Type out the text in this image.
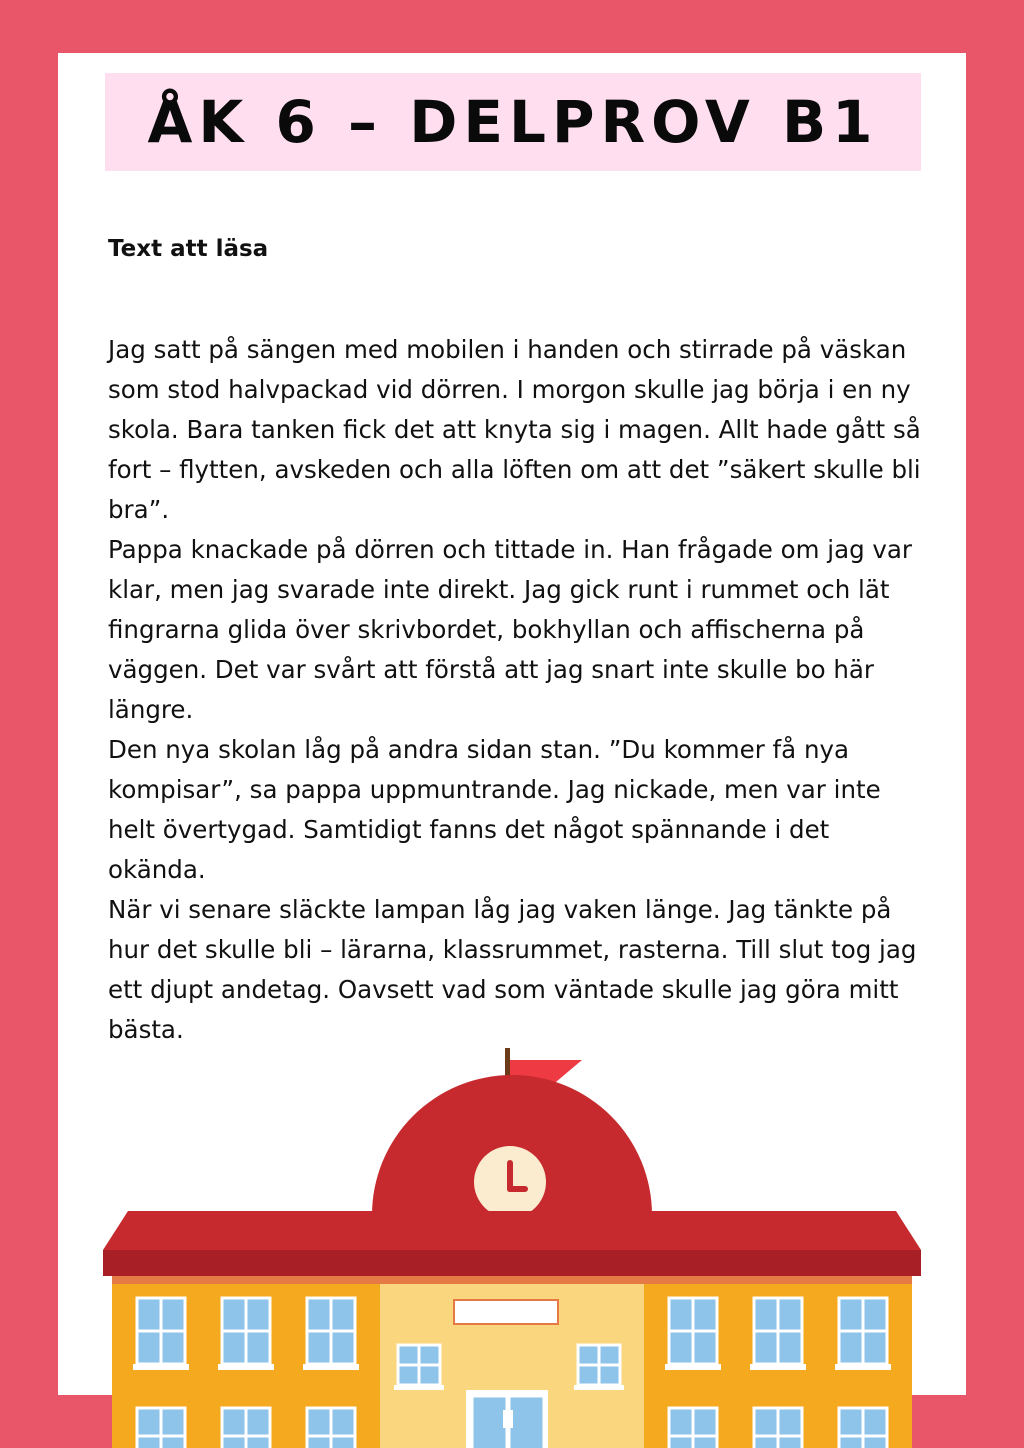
ÅK 6 – DELPROV B1
Text att läsa

Jag satt på sängen med mobilen i handen och stirrade på väskan som stod halvpackad vid dörren. I morgon skulle jag börja i en ny skola. Bara tanken fick det att knyta sig i magen. Allt hade gått så fort – flytten, avskeden och alla löften om att det ”säkert skulle bli bra”.

Pappa knackade på dörren och tittade in. Han frågade om jag var klar, men jag svarade inte direkt. Jag gick runt i rummet och lät fingrarna glida över skrivbordet, bokhyllan och affischerna på väggen. Det var svårt att förstå att jag snart inte skulle bo här längre.

Den nya skolan låg på andra sidan stan. ”Du kommer få nya kompisar”, sa pappa uppmuntrande. Jag nickade, men var inte helt övertygad. Samtidigt fanns det något spännande i det okända.

När vi senare släckte lampan låg jag vaken länge. Jag tänkte på hur det skulle bli – lärarna, klassrummet, rasterna. Till slut tog jag ett djupt andetag. Oavsett vad som väntade skulle jag göra mitt bästa.
